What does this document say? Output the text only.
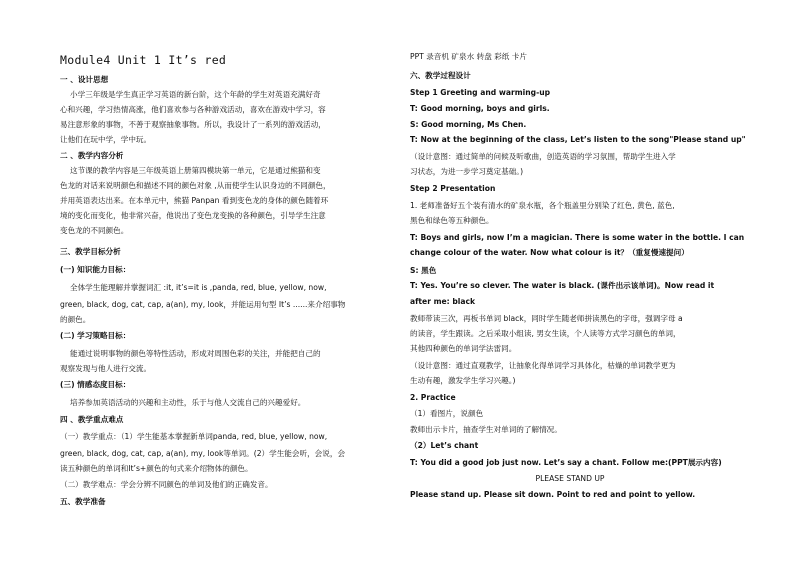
Module4 Unit 1 It’s red
一 、设计思想
小学三年级是学生真正学习英语的新台阶，这个年龄的学生对英语充满好奇
心和兴趣，学习热情高涨，他们喜欢参与各种游戏活动，喜欢在游戏中学习，容
易注意形象的事物，不善于观察抽象事物。所以，我设计了一系列的游戏活动，
让他们在玩中学，学中玩。
二 、教学内容分析
这节课的教学内容是三年级英语上册第四模块第一单元，它是通过熊猫和变
色龙的对话来说明颜色和描述不同的颜色对象 ,从而使学生认识身边的不同颜色，
并用英语表达出来。在本单元中，熊猫 Panpan 看到变色龙的身体的颜色随着环
境的变化而变化，他非常兴奋，他说出了变色龙变换的各种颜色，引导学生注意
变色龙的不同颜色。
三、教学目标分析
(一) 知识能力目标：
全体学生能理解并掌握词汇 :it, it’s=it is ,panda, red, blue, yellow, now,
green, black, dog, cat, cap, a(an), my, look，并能运用句型 It’s ......来介绍事物
的颜色。
(二) 学习策略目标：
能通过说明事物的颜色等特性活动，形成对周围色彩的关注，并能把自己的
观察发现与他人进行交流。
(三) 情感态度目标：
培养参加英语活动的兴趣和主动性，乐于与他人交流自己的兴趣爱好。
四 、教学重点难点
（一）教学重点：（1）学生能基本掌握新单词panda, red, blue, yellow, now,
green, black, dog, cat, cap, a(an), my, look等单词。(2）学生能会听，会说，会
读五种颜色的单词和It’s+颜色的句式来介绍物体的颜色。
（二）教学难点：学会分辨不同颜色的单词及他们的正确发音。
五、教学准备
PPT 录音机 矿泉水 转盘 彩纸 卡片
六、教学过程设计
Step 1 Greeting and warming-up
T: Good morning, boys and girls.
S: Good morning, Ms Chen.
T: Now at the beginning of the class, Let’s listen to the song"Please stand up"
（设计意图：通过简单的问候及听歌曲，创造英语的学习氛围，帮助学生进入学
习状态，为进一步学习奠定基础。)
Step 2 Presentation
1. 老师准备好五个装有清水的矿泉水瓶，各个瓶盖里分别染了红色, 黄色, 蓝色,
黑色和绿色等五种颜色。
T: Boys and girls, now I’m a magician. There is some water in the bottle. I can
change colour of the water. Now what colour is it？（重复慢速提问）
S: 黑色
T: Yes. You’re so clever. The water is black. (课件出示该单词)。Now read it
after me: black
教师带读三次，再板书单词 black，同时学生随老师拼读黑色的字母，强调字母 a
的读音，学生跟读。之后采取小组读, 男女生读，个人读等方式学习颜色的单词，
其他四种颜色的单词学法雷同。
（设计意图：通过直观教学，让抽象化得单词学习具体化，枯燥的单词教学更为
生动有趣，激发学生学习兴趣。)
2. Practice
（1）看图片，说颜色
教师出示卡片，抽查学生对单词的了解情况。
（2）Let’s chant
T: You did a good job just now. Let’s say a chant. Follow me:(PPT展示内容)
PLEASE STAND UP
Please stand up. Please sit down. Point to red and point to yellow.
